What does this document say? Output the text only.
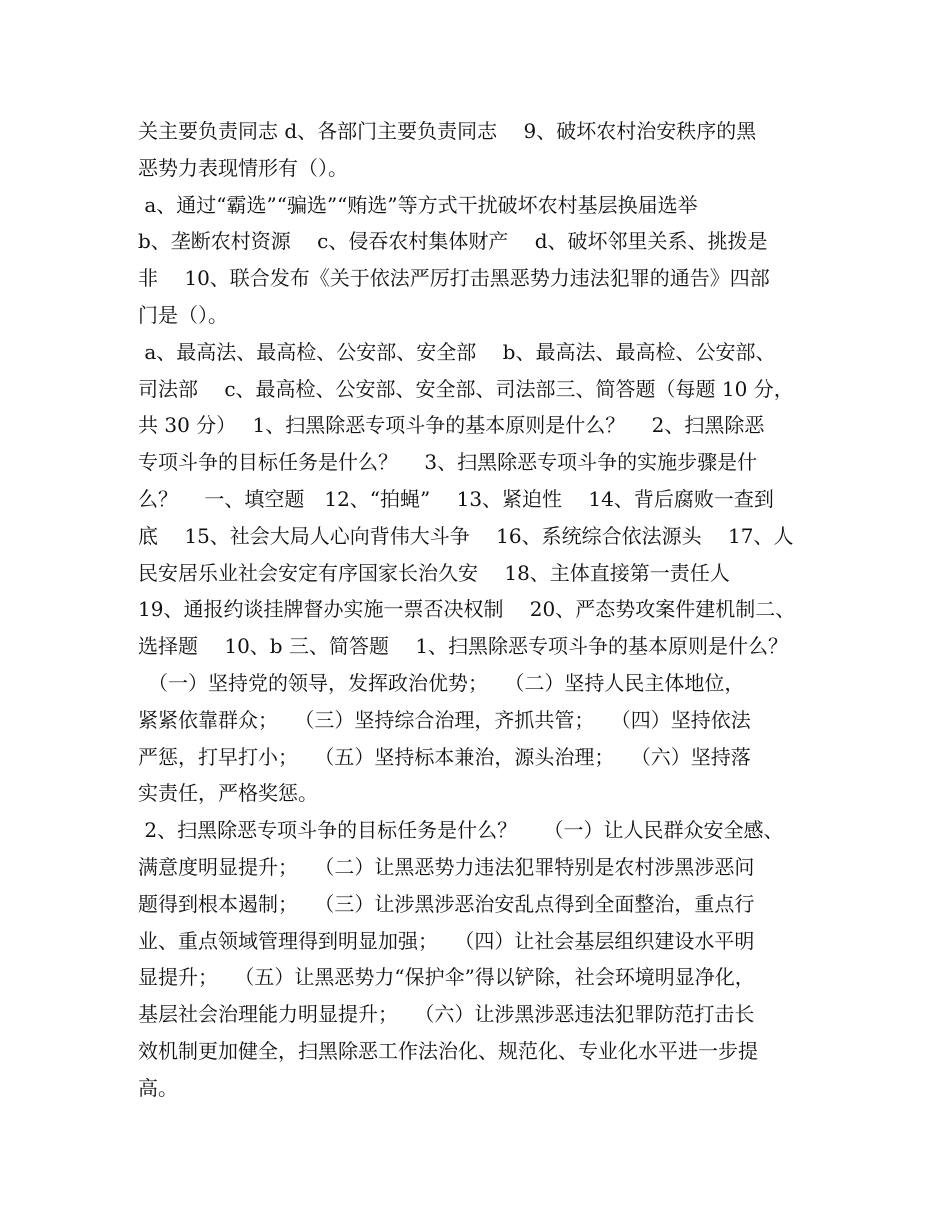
关主要负责同志 d、各部门主要负责同志　 9、破坏农村治安秩序的黑
恶势力表现情形有（）。
a、通过“霸选”“骗选”“贿选”等方式干扰破坏农村基层换届选举
b、垄断农村资源　 c、侵吞农村集体财产　 d、破坏邻里关系、挑拨是
非　 10、联合发布《关于依法严厉打击黑恶势力违法犯罪的通告》四部
门是（）。
a、最高法、最高检、公安部、安全部　 b、最高法、最高检、公安部、
司法部　 c、最高检、公安部、安全部、司法部三、简答题（每题 10 分，
共 30 分）　 1、扫黑除恶专项斗争的基本原则是什么？　 2、扫黑除恶
专项斗争的目标任务是什么？　 3、扫黑除恶专项斗争的实施步骤是什
么？　 一、填空题　12、“拍蝇”　 13、紧迫性　 14、背后腐败一查到
底　 15、社会大局人心向背伟大斗争　 16、系统综合依法源头　 17、人
民安居乐业社会安定有序国家长治久安　 18、主体直接第一责任人
19、通报约谈挂牌督办实施一票否决权制　 20、严态势攻案件建机制二、
选择题　 10、b 三、简答题　 1、扫黑除恶专项斗争的基本原则是什么？
　（一）坚持党的领导，发挥政治优势；　 （二）坚持人民主体地位，
紧紧依靠群众；　 （三）坚持综合治理，齐抓共管；　 （四）坚持依法
严惩，打早打小；　 （五）坚持标本兼治，源头治理；　 （六）坚持落
实责任，严格奖惩。
2、扫黑除恶专项斗争的目标任务是什么？　 （一）让人民群众安全感、
满意度明显提升；　 （二）让黑恶势力违法犯罪特别是农村涉黑涉恶问
题得到根本遏制；　 （三）让涉黑涉恶治安乱点得到全面整治，重点行
业、重点领域管理得到明显加强；　 （四）让社会基层组织建设水平明
显提升；　 （五）让黑恶势力“保护伞”得以铲除，社会环境明显净化，
基层社会治理能力明显提升；　 （六）让涉黑涉恶违法犯罪防范打击长
效机制更加健全，扫黑除恶工作法治化、规范化、专业化水平进一步提
高。
